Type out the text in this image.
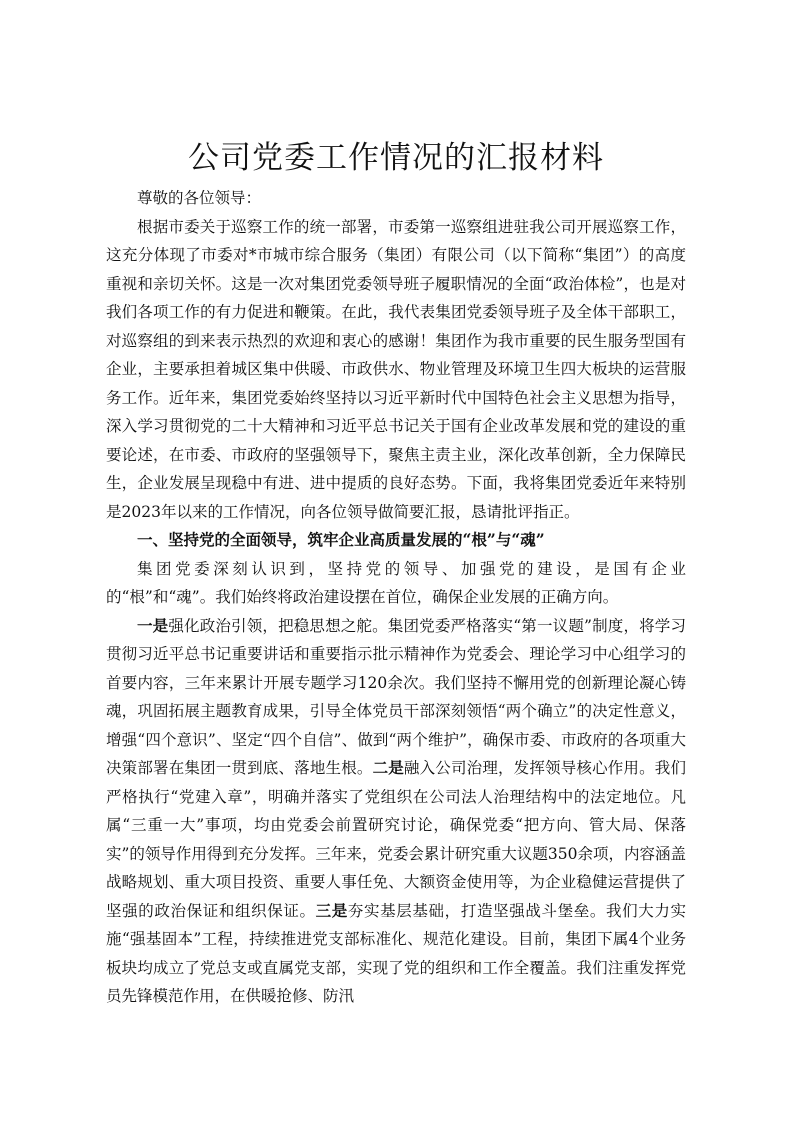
公司党委工作情况的汇报材料

尊敬的各位领导：

根据市委关于巡察工作的统一部署，市委第一巡察组进驻我公司开展巡察工作，这充分体现了市委对*市城市综合服务（集团）有限公司（以下简称“集团”）的高度重视和亲切关怀。这是一次对集团党委领导班子履职情况的全面“政治体检”，也是对我们各项工作的有力促进和鞭策。在此，我代表集团党委领导班子及全体干部职工，对巡察组的到来表示热烈的欢迎和衷心的感谢！集团作为我市重要的民生服务型国有企业，主要承担着城区集中供暖、市政供水、物业管理及环境卫生四大板块的运营服务工作。近年来，集团党委始终坚持以习近平新时代中国特色社会主义思想为指导，深入学习贯彻党的二十大精神和习近平总书记关于国有企业改革发展和党的建设的重要论述，在市委、市政府的坚强领导下，聚焦主责主业，深化改革创新，全力保障民生，企业发展呈现稳中有进、进中提质的良好态势。下面，我将集团党委近年来特别是2023年以来的工作情况，向各位领导做简要汇报，恳请批评指正。

一、坚持党的全面领导，筑牢企业高质量发展的“根”与“魂”

集团党委深刻认识到，坚持党的领导、加强党的建设，是国有企业的“根”和“魂”。我们始终将政治建设摆在首位，确保企业发展的正确方向。

一是强化政治引领，把稳思想之舵。集团党委严格落实“第一议题”制度，将学习贯彻习近平总书记重要讲话和重要指示批示精神作为党委会、理论学习中心组学习的首要内容，三年来累计开展专题学习120余次。我们坚持不懈用党的创新理论凝心铸魂，巩固拓展主题教育成果，引导全体党员干部深刻领悟“两个确立”的决定性意义，增强“四个意识”、坚定“四个自信”、做到“两个维护”，确保市委、市政府的各项重大决策部署在集团一贯到底、落地生根。二是融入公司治理，发挥领导核心作用。我们严格执行“党建入章”，明确并落实了党组织在公司法人治理结构中的法定地位。凡属“三重一大”事项，均由党委会前置研究讨论，确保党委“把方向、管大局、保落实”的领导作用得到充分发挥。三年来，党委会累计研究重大议题350余项，内容涵盖战略规划、重大项目投资、重要人事任免、大额资金使用等，为企业稳健运营提供了坚强的政治保证和组织保证。三是夯实基层基础，打造坚强战斗堡垒。我们大力实施“强基固本”工程，持续推进党支部标准化、规范化建设。目前，集团下属4个业务板块均成立了党总支或直属党支部，实现了党的组织和工作全覆盖。我们注重发挥党员先锋模范作用，在供暖抢修、防汛
